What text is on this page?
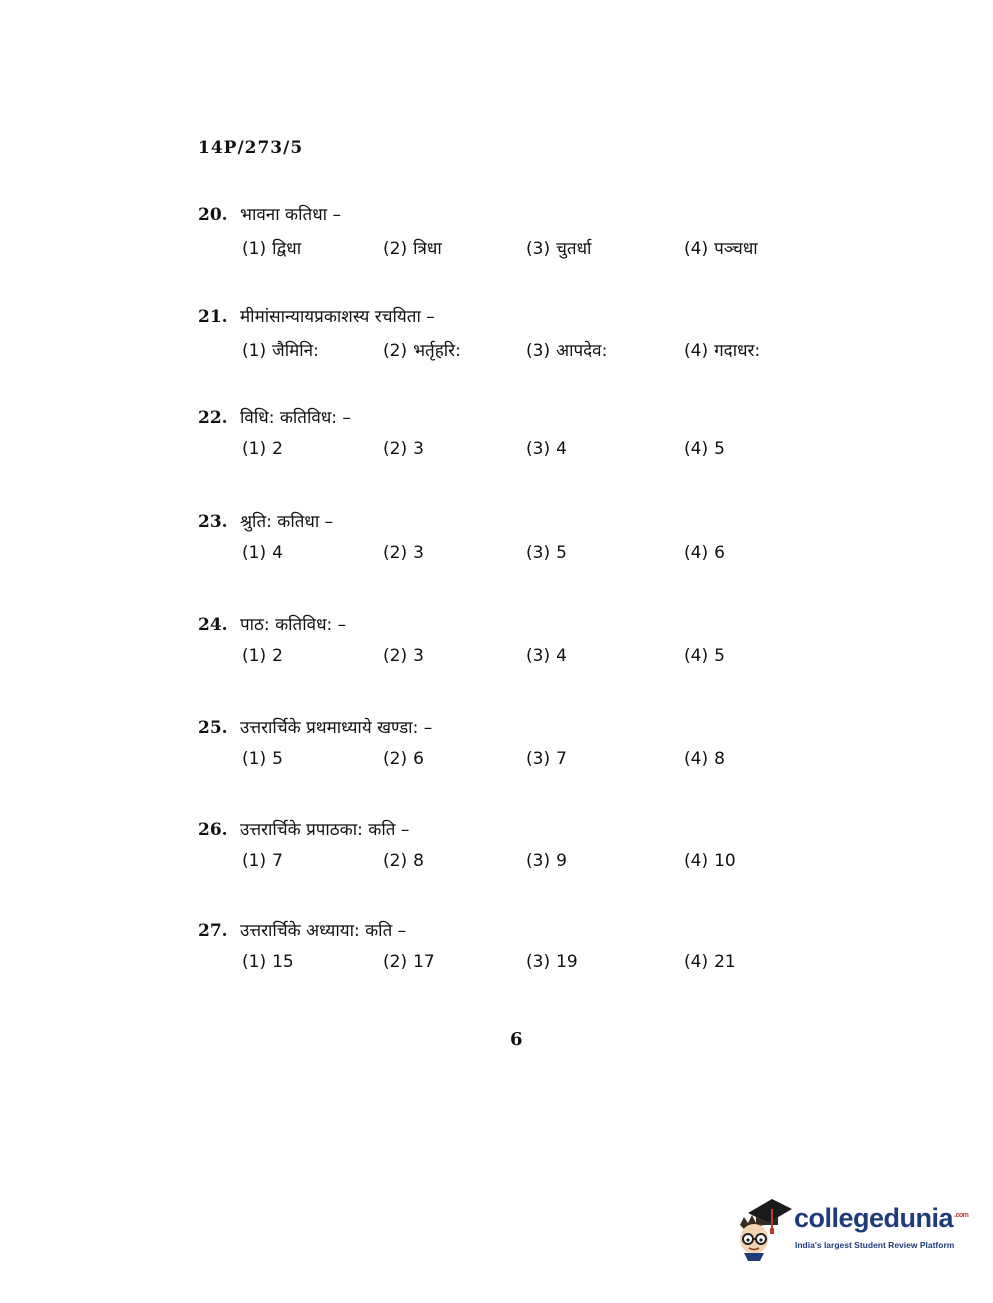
14P/273/5
20. भावना कतिधा –
(1) द्विधा	(2) त्रिधा	(3) चुतर्धा	(4) पञ्चधा
21. मीमांसान्यायप्रकाशस्य रचयिता –
(1) जैमिनि:	(2) भर्तृहरि:	(3) आपदेव:	(4) गदाधर:
22. विधि: कतिविध: –
(1) 2	(2) 3	(3) 4	(4) 5
23. श्रुति: कतिधा –
(1) 4	(2) 3	(3) 5	(4) 6
24. पाठ: कतिविध: –
(1) 2	(2) 3	(3) 4	(4) 5
25. उत्तरार्चिके प्रथमाध्याये खण्डा: –
(1) 5	(2) 6	(3) 7	(4) 8
26. उत्तरार्चिके प्रपाठका: कति –
(1) 7	(2) 8	(3) 9	(4) 10
27. उत्तरार्चिके अध्याया: कति –
(1) 15	(2) 17	(3) 19	(4) 21
6
collegedunia$^{.com}$
India's largest Student Review Platform
